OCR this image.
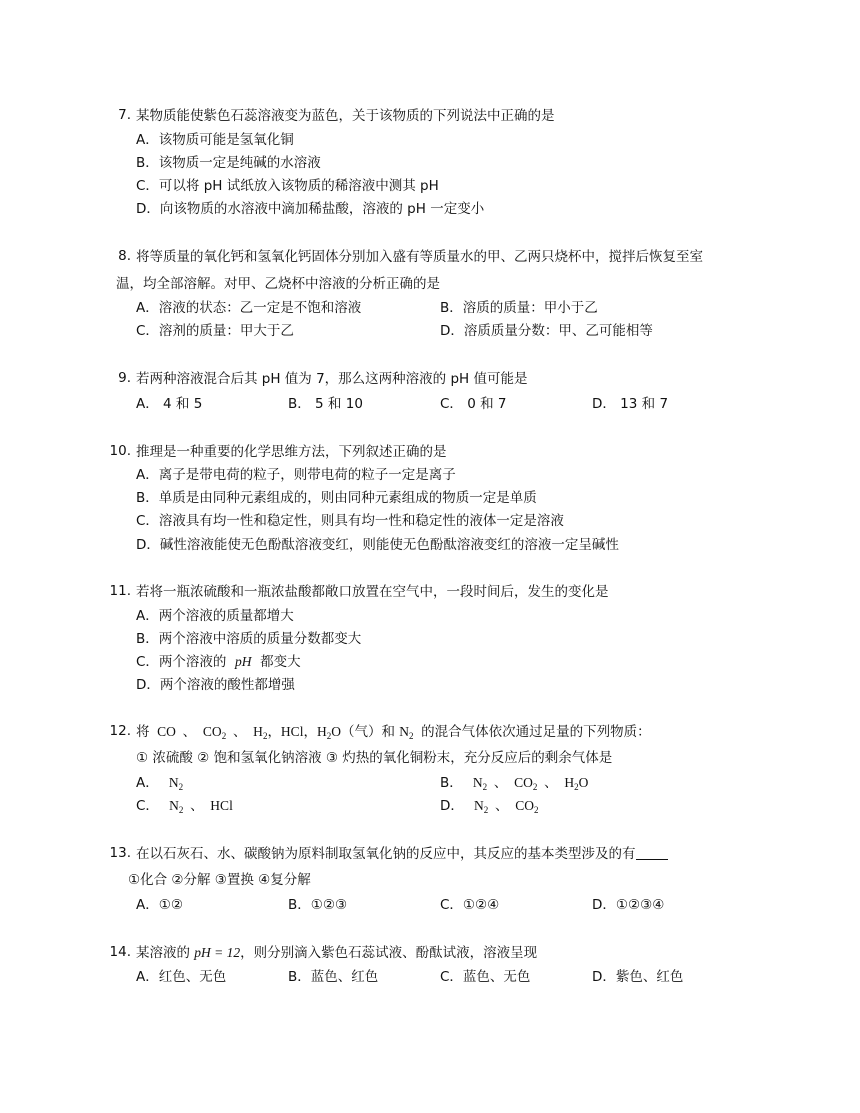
7. 某物质能使紫色石蕊溶液变为蓝色，关于该物质的下列说法中正确的是
A．该物质可能是氢氧化铜
B．该物质一定是纯碱的水溶液
C．可以将 pH 试纸放入该物质的稀溶液中测其 pH
D．向该物质的水溶液中滴加稀盐酸，溶液的 pH 一定变小
8. 将等质量的氧化钙和氢氧化钙固体分别加入盛有等质量水的甲、乙两只烧杯中，搅拌后恢复至室
温，均全部溶解。对甲、乙烧杯中溶液的分析正确的是
A．溶液的状态：乙一定是不饱和溶液	B．溶质的质量：甲小于乙
C．溶剂的质量：甲大于乙	D．溶质质量分数：甲、乙可能相等
9. 若两种溶液混合后其 pH 值为 7，那么这两种溶液的 pH 值可能是
A． 4 和 5	B． 5 和 10	C． 0 和 7	D． 13 和 7
10. 推理是一种重要的化学思维方法，下列叙述正确的是
A．离子是带电荷的粒子，则带电荷的粒子一定是离子
B．单质是由同种元素组成的，则由同种元素组成的物质一定是单质
C．溶液具有均一性和稳定性，则具有均一性和稳定性的液体一定是溶液
D．碱性溶液能使无色酚酞溶液变红，则能使无色酚酞溶液变红的溶液一定呈碱性
11. 若将一瓶浓硫酸和一瓶浓盐酸都敞口放置在空气中，一段时间后，发生的变化是
A．两个溶液的质量都增大
B．两个溶液中溶质的质量分数都变大
C．两个溶液的 pH 都变大
D．两个溶液的酸性都增强
12. 将  CO  、  $CO_2$  、  $H_2$，HCl，$H_2O$（气）和 $N_2$ 的混合气体依次通过足量的下列物质：
① 浓硫酸 ② 饱和氢氧化钠溶液 ③ 灼热的氧化铜粉末，充分反应后的剩余气体是
A．   $N_2$	B．   $N_2$  、  $CO_2$  、  $H_2O$
C．   $N_2$  、  HCl	D．   $N_2$  、  $CO_2$
13. 在以石灰石、水、碳酸钠为原料制取氢氧化钠的反应中，其反应的基本类型涉及的有
①化合 ②分解 ③置换 ④复分解
A．①②	B．①②③	C．①②④	D．①②③④
14. 某溶液的 pH = 12，则分别滴入紫色石蕊试液、酚酞试液，溶液呈现
A．红色、无色	B．蓝色、红色	C．蓝色、无色	D．紫色、红色
